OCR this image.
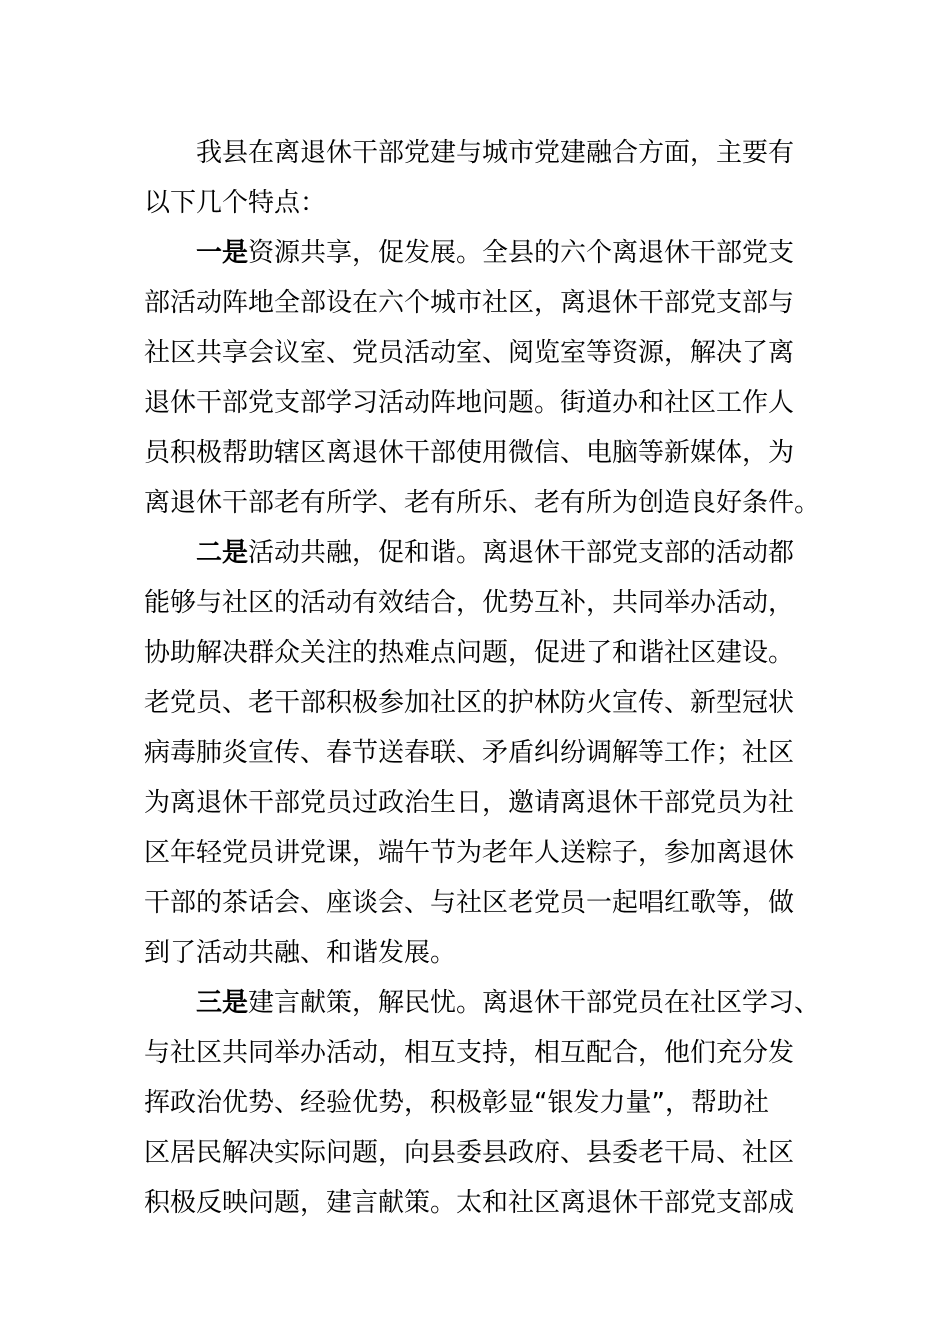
我县在离退休干部党建与城市党建融合方面，主要有
以下几个特点：
一是资源共享，促发展。全县的六个离退休干部党支
部活动阵地全部设在六个城市社区，离退休干部党支部与
社区共享会议室、党员活动室、阅览室等资源，解决了离
退休干部党支部学习活动阵地问题。街道办和社区工作人
员积极帮助辖区离退休干部使用微信、电脑等新媒体，为
离退休干部老有所学、老有所乐、老有所为创造良好条件。
二是活动共融，促和谐。离退休干部党支部的活动都
能够与社区的活动有效结合，优势互补，共同举办活动，
协助解决群众关注的热难点问题，促进了和谐社区建设。
老党员、老干部积极参加社区的护林防火宣传、新型冠状
病毒肺炎宣传、春节送春联、矛盾纠纷调解等工作；社区
为离退休干部党员过政治生日，邀请离退休干部党员为社
区年轻党员讲党课，端午节为老年人送粽子，参加离退休
干部的茶话会、座谈会、与社区老党员一起唱红歌等，做
到了活动共融、和谐发展。
三是建言献策，解民忧。离退休干部党员在社区学习、
与社区共同举办活动，相互支持，相互配合，他们充分发
挥政治优势、经验优势，积极彰显“银发力量”，帮助社
区居民解决实际问题，向县委县政府、县委老干局、社区
积极反映问题，建言献策。太和社区离退休干部党支部成
